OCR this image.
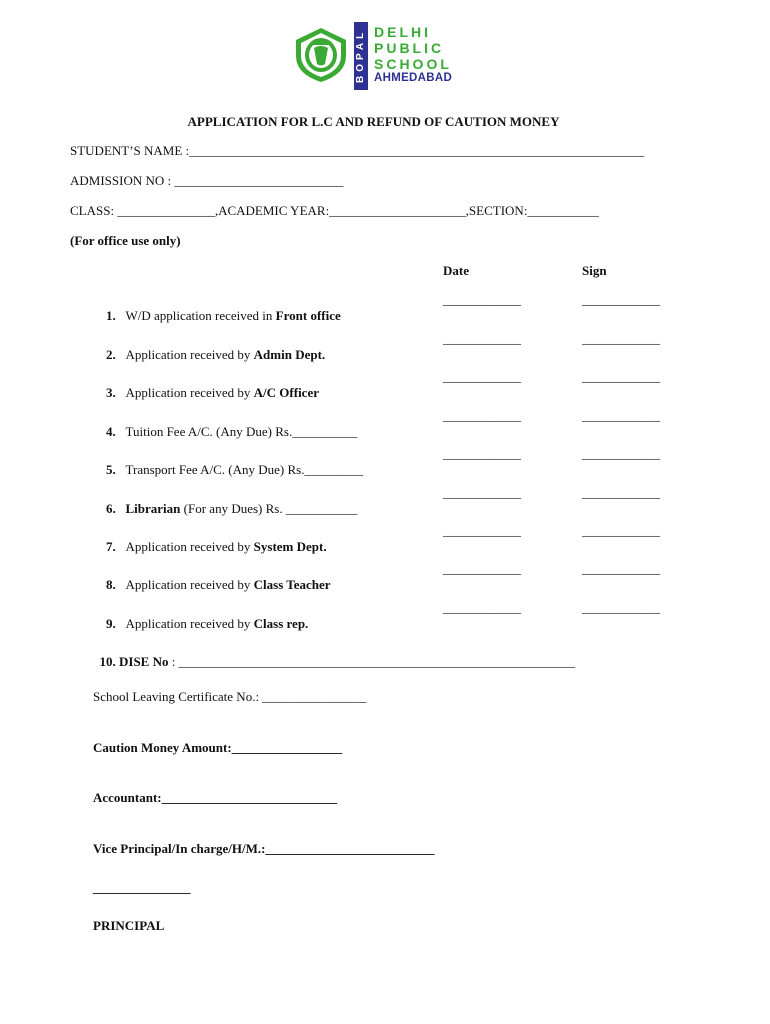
BOPAL DELHI
PUBLIC
SCHOOL
AHMEDABAD
APPLICATION FOR L.C AND REFUND OF CAUTION MONEY
STUDENT’S NAME :______________________________________________________________________
ADMISSION NO : __________________________
CLASS: _______________,ACADEMIC YEAR:_____________________,SECTION:___________
(For office use only)
Date	Sign

1. W/D application received in Front office

____________	____________

2. Application received by Admin Dept.

____________	____________

3. Application received by A/C Officer

____________	____________

4. Tuition Fee A/C. (Any Due) Rs.__________

____________	____________

5. Transport Fee A/C. (Any Due) Rs._________

____________	____________

6. Librarian (For any Dues) Rs. ___________

____________	____________

7. Application received by System Dept.

____________	____________

8. Application received by Class Teacher

____________	____________

9. Application received by Class rep.

____________	____________

10. DISE No : _____________________________________________________________

School Leaving Certificate No.: ________________
Caution Money Amount:_________________
Accountant:___________________________
Vice Principal/In charge/H/M.:__________________________
_______________
PRINCIPAL
